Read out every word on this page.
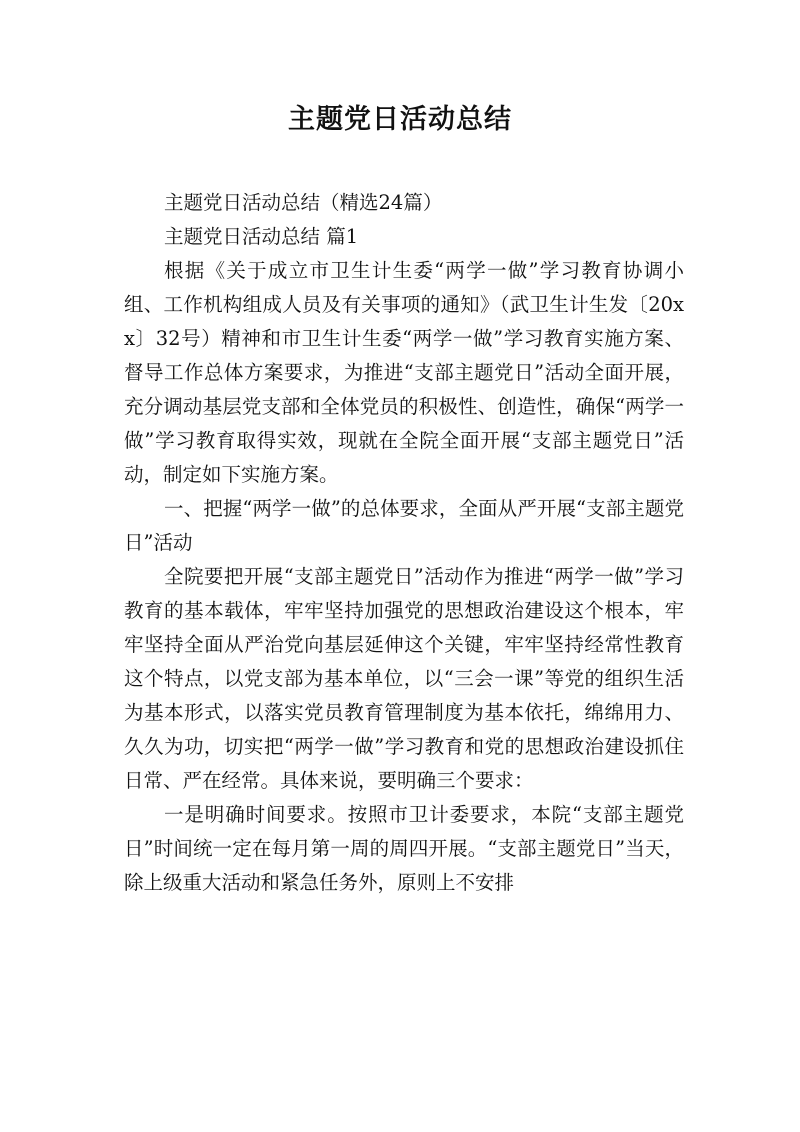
主题党日活动总结

主题党日活动总结（精选24篇）

主题党日活动总结 篇1

根据《关于成立市卫生计生委“两学一做”学习教育协调小组、工作机构组成人员及有关事项的通知》（武卫生计生发〔20xx〕32号）精神和市卫生计生委“两学一做”学习教育实施方案、督导工作总体方案要求，为推进“支部主题党日”活动全面开展，充分调动基层党支部和全体党员的积极性、创造性，确保“两学一做”学习教育取得实效，现就在全院全面开展“支部主题党日”活动，制定如下实施方案。

一、把握“两学一做”的总体要求，全面从严开展“支部主题党日”活动

全院要把开展“支部主题党日”活动作为推进“两学一做”学习教育的基本载体，牢牢坚持加强党的思想政治建设这个根本，牢牢坚持全面从严治党向基层延伸这个关键，牢牢坚持经常性教育这个特点，以党支部为基本单位，以“三会一课”等党的组织生活为基本形式，以落实党员教育管理制度为基本依托，绵绵用力、久久为功，切实把“两学一做”学习教育和党的思想政治建设抓住日常、严在经常。具体来说，要明确三个要求：

一是明确时间要求。按照市卫计委要求，本院“支部主题党日”时间统一定在每月第一周的周四开展。“支部主题党日”当天，除上级重大活动和紧急任务外，原则上不安排
